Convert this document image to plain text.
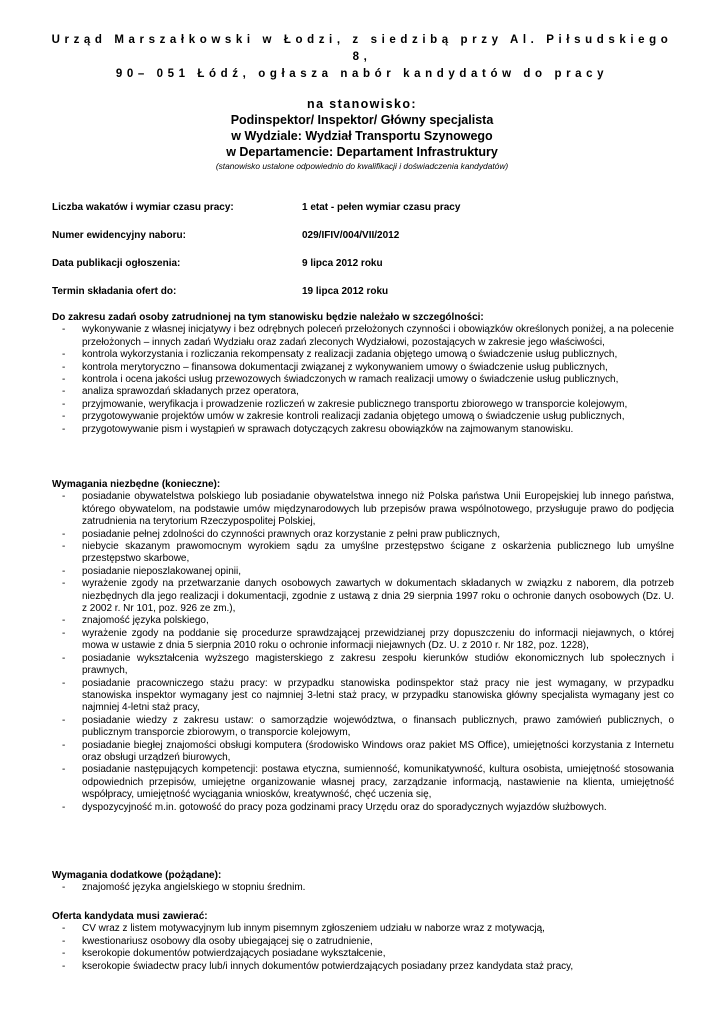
Urząd Marszałkowski w Łodzi, z siedzibą przy Al. Piłsudskiego 8,
90– 051 Łódź, ogłasza nabór kandydatów do pracy
na stanowisko:
Podinspektor/ Inspektor/ Główny specjalista
w Wydziale: Wydział Transportu Szynowego
w Departamencie: Departament Infrastruktury
(stanowisko ustalone odpowiednio do kwalifikacji i doświadczenia kandydatów)
Liczba wakatów i wymiar czasu pracy:	1 etat - pełen wymiar czasu pracy
Numer ewidencyjny naboru:	029/IFIV/004/VII/2012
Data publikacji ogłoszenia:	9 lipca 2012 roku
Termin składania ofert do:	19 lipca 2012 roku
Do zakresu zadań osoby zatrudnionej na tym stanowisku będzie należało w szczególności:
- wykonywanie z własnej inicjatywy i bez odrębnych poleceń przełożonych czynności i obowiązków określonych poniżej, a na polecenie przełożonych – innych zadań Wydziału oraz zadań zleconych Wydziałowi, pozostających w zakresie jego właściwości,
- kontrola wykorzystania i rozliczania rekompensaty z realizacji zadania objętego umową o świadczenie usług publicznych,
- kontrola merytoryczno – finansowa dokumentacji związanej z wykonywaniem umowy o świadczenie usług publicznych,
- kontrola i ocena jakości usług przewozowych świadczonych w ramach realizacji umowy o świadczenie usług publicznych,
- analiza sprawozdań składanych przez operatora,
- przyjmowanie, weryfikacja i prowadzenie rozliczeń w zakresie publicznego transportu zbiorowego w transporcie kolejowym,
- przygotowywanie projektów umów w zakresie kontroli realizacji zadania objętego umową o świadczenie usług publicznych,
- przygotowywanie pism i wystąpień w sprawach dotyczących zakresu obowiązków na zajmowanym stanowisku.
Wymagania niezbędne (konieczne):
- posiadanie obywatelstwa polskiego lub posiadanie obywatelstwa innego niż Polska państwa Unii Europejskiej lub innego państwa, którego obywatelom, na podstawie umów międzynarodowych lub przepisów prawa wspólnotowego, przysługuje prawo do podjęcia zatrudnienia na terytorium Rzeczypospolitej Polskiej,
- posiadanie pełnej zdolności do czynności prawnych oraz korzystanie z pełni praw publicznych,
- niebycie skazanym prawomocnym wyrokiem sądu za umyślne przestępstwo ścigane z oskarżenia publicznego lub umyślne przestępstwo skarbowe,
- posiadanie nieposzlakowanej opinii,
- wyrażenie zgody na przetwarzanie danych osobowych zawartych w dokumentach składanych w związku z naborem, dla potrzeb niezbędnych dla jego realizacji i dokumentacji, zgodnie z ustawą z dnia 29 sierpnia 1997 roku o ochronie danych osobowych (Dz. U. z 2002 r. Nr 101, poz. 926 ze zm.),
- znajomość języka polskiego,
- wyrażenie zgody na poddanie się procedurze sprawdzającej przewidzianej przy dopuszczeniu do informacji niejawnych, o której mowa w ustawie z dnia 5 sierpnia 2010 roku o ochronie informacji niejawnych (Dz. U. z 2010 r. Nr 182, poz. 1228),
- posiadanie wykształcenia wyższego magisterskiego z zakresu zespołu kierunków studiów ekonomicznych lub społecznych i prawnych,
- posiadanie pracowniczego stażu pracy: w przypadku stanowiska podinspektor staż pracy nie jest wymagany, w przypadku stanowiska inspektor wymagany jest co najmniej 3-letni staż pracy, w przypadku stanowiska główny specjalista wymagany jest co najmniej 4-letni staż pracy,
- posiadanie wiedzy z zakresu ustaw: o samorządzie województwa, o finansach publicznych, prawo zamówień publicznych, o publicznym transporcie zbiorowym, o transporcie kolejowym,
- posiadanie biegłej znajomości obsługi komputera (środowisko Windows oraz pakiet MS Office), umiejętności korzystania z Internetu oraz obsługi urządzeń biurowych,
- posiadanie następujących kompetencji: postawa etyczna, sumienność, komunikatywność, kultura osobista, umiejętność stosowania odpowiednich przepisów, umiejętne organizowanie własnej pracy, zarządzanie informacją, nastawienie na klienta, umiejętność współpracy, umiejętność wyciągania wniosków, kreatywność, chęć uczenia się,
- dyspozycyjność m.in. gotowość do pracy poza godzinami pracy Urzędu oraz do sporadycznych wyjazdów służbowych.
Wymagania dodatkowe (pożądane):
- znajomość języka angielskiego w stopniu średnim.
Oferta kandydata musi zawierać:
- CV wraz z listem motywacyjnym lub innym pisemnym zgłoszeniem udziału w naborze wraz z motywacją,
- kwestionariusz osobowy dla osoby ubiegającej się o zatrudnienie,
- kserokopie dokumentów potwierdzających posiadane wykształcenie,
- kserokopie świadectw pracy lub/i innych dokumentów potwierdzających posiadany przez kandydata staż pracy,
